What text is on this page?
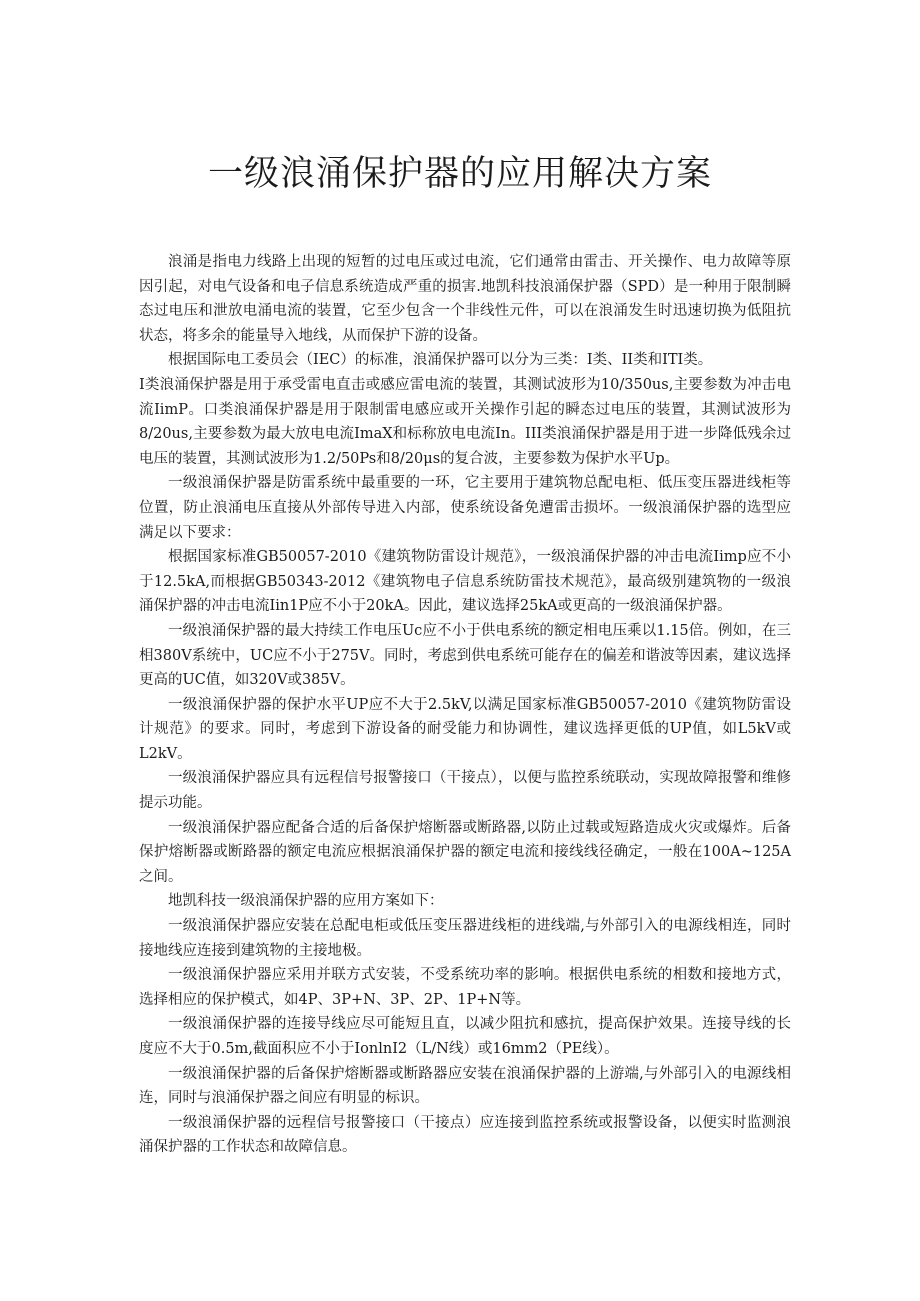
一级浪涌保护器的应用解决方案

浪涌是指电力线路上出现的短暂的过电压或过电流，它们通常由雷击、开关操作、电力故障等原因引起，对电气设备和电子信息系统造成严重的损害.地凯科技浪涌保护器（SPD）是一种用于限制瞬态过电压和泄放电涌电流的装置，它至少包含一个非线性元件，可以在浪涌发生时迅速切换为低阻抗状态，将多余的能量导入地线，从而保护下游的设备。

根据国际电工委员会（IEC）的标准，浪涌保护器可以分为三类：I类、II类和ITI类。

I类浪涌保护器是用于承受雷电直击或感应雷电流的装置，其测试波形为10/350us,主要参数为冲击电流IimP。口类浪涌保护器是用于限制雷电感应或开关操作引起的瞬态过电压的装置，其测试波形为8/20us,主要参数为最大放电电流ImaX和标称放电电流In。III类浪涌保护器是用于进一步降低残余过电压的装置，其测试波形为1.2/50Ps和8/20μs的复合波，主要参数为保护水平Up。

一级浪涌保护器是防雷系统中最重要的一环，它主要用于建筑物总配电柜、低压变压器进线柜等位置，防止浪涌电压直接从外部传导进入内部，使系统设备免遭雷击损坏。一级浪涌保护器的选型应满足以下要求：

根据国家标准GB50057-2010《建筑物防雷设计规范》，一级浪涌保护器的冲击电流Iimp应不小于12.5kA,而根据GB50343-2012《建筑物电子信息系统防雷技术规范》，最高级别建筑物的一级浪涌保护器的冲击电流Iin1P应不小于20kA。因此，建议选择25kA或更高的一级浪涌保护器。

一级浪涌保护器的最大持续工作电压Uc应不小于供电系统的额定相电压乘以1.15倍。例如，在三相380V系统中，UC应不小于275V。同时，考虑到供电系统可能存在的偏差和谐波等因素，建议选择更高的UC值，如320V或385V。

一级浪涌保护器的保护水平UP应不大于2.5kV,以满足国家标准GB50057-2010《建筑物防雷设计规范》的要求。同时，考虑到下游设备的耐受能力和协调性，建议选择更低的UP值，如L5kV或L2kV。

一级浪涌保护器应具有远程信号报警接口（干接点），以便与监控系统联动，实现故障报警和维修提示功能。

一级浪涌保护器应配备合适的后备保护熔断器或断路器,以防止过载或短路造成火灾或爆炸。后备保护熔断器或断路器的额定电流应根据浪涌保护器的额定电流和接线线径确定，一般在100A~125A之间。

地凯科技一级浪涌保护器的应用方案如下：

一级浪涌保护器应安装在总配电柜或低压变压器进线柜的进线端,与外部引入的电源线相连，同时接地线应连接到建筑物的主接地极。

一级浪涌保护器应采用并联方式安装，不受系统功率的影响。根据供电系统的相数和接地方式，选择相应的保护模式，如4P、3P+N、3P、2P、1P+N等。

一级浪涌保护器的连接导线应尽可能短且直，以减少阻抗和感抗，提高保护效果。连接导线的长度应不大于0.5m,截面积应不小于IonlnI2（L/N线）或16mm2（PE线）。

一级浪涌保护器的后备保护熔断器或断路器应安装在浪涌保护器的上游端,与外部引入的电源线相连，同时与浪涌保护器之间应有明显的标识。

一级浪涌保护器的远程信号报警接口（干接点）应连接到监控系统或报警设备，以便实时监测浪涌保护器的工作状态和故障信息。
